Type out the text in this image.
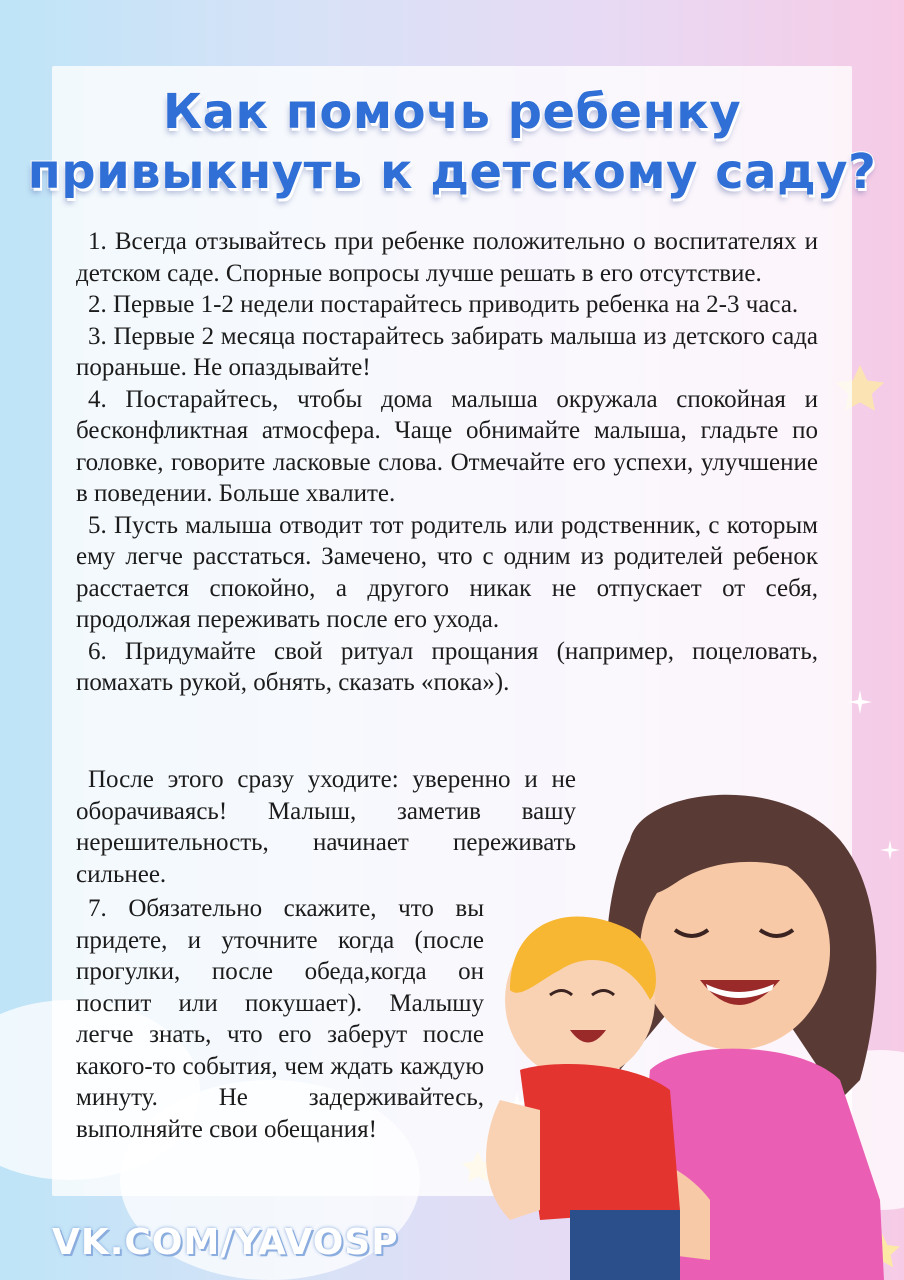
Как помочь ребенку
привыкнуть к детскому саду?

1. Всегда отзывайтесь при ребенке положительно о воспитателях и детском саде. Спорные вопросы лучше решать в его отсутствие.

2. Первые 1-2 недели постарайтесь приводить ребенка на 2-3 часа.

3. Первые 2 месяца постарайтесь забирать малыша из детского сада пораньше. Не опаздывайте!

4. Постарайтесь, чтобы дома малыша окружала спокойная и бесконфликтная атмосфера. Чаще обнимайте малыша, гладьте по головке, говорите ласковые слова. Отмечайте его успехи, улучшение в поведении. Больше хвалите.

5. Пусть малыша отводит тот родитель или родственник, с которым ему легче расстаться. Замечено, что с одним из родителей ребенок расстается спокойно, а другого никак не отпускает от себя, продолжая переживать после его ухода.

6. Придумайте свой ритуал прощания (например, поцеловать, помахать рукой, обнять, сказать «пока»).

После этого сразу уходите: уверенно и не оборачиваясь! Малыш, заметив вашу нерешительность, начинает переживать сильнее.

7. Обязательно скажите, что вы придете, и уточните когда (после прогулки, после обеда,когда он поспит или покушает). Малышу легче знать, что его заберут после какого-то события, чем ждать каждую минуту. Не задерживайтесь, выполняйте свои обещания!

VK.COM/YAVOSP
